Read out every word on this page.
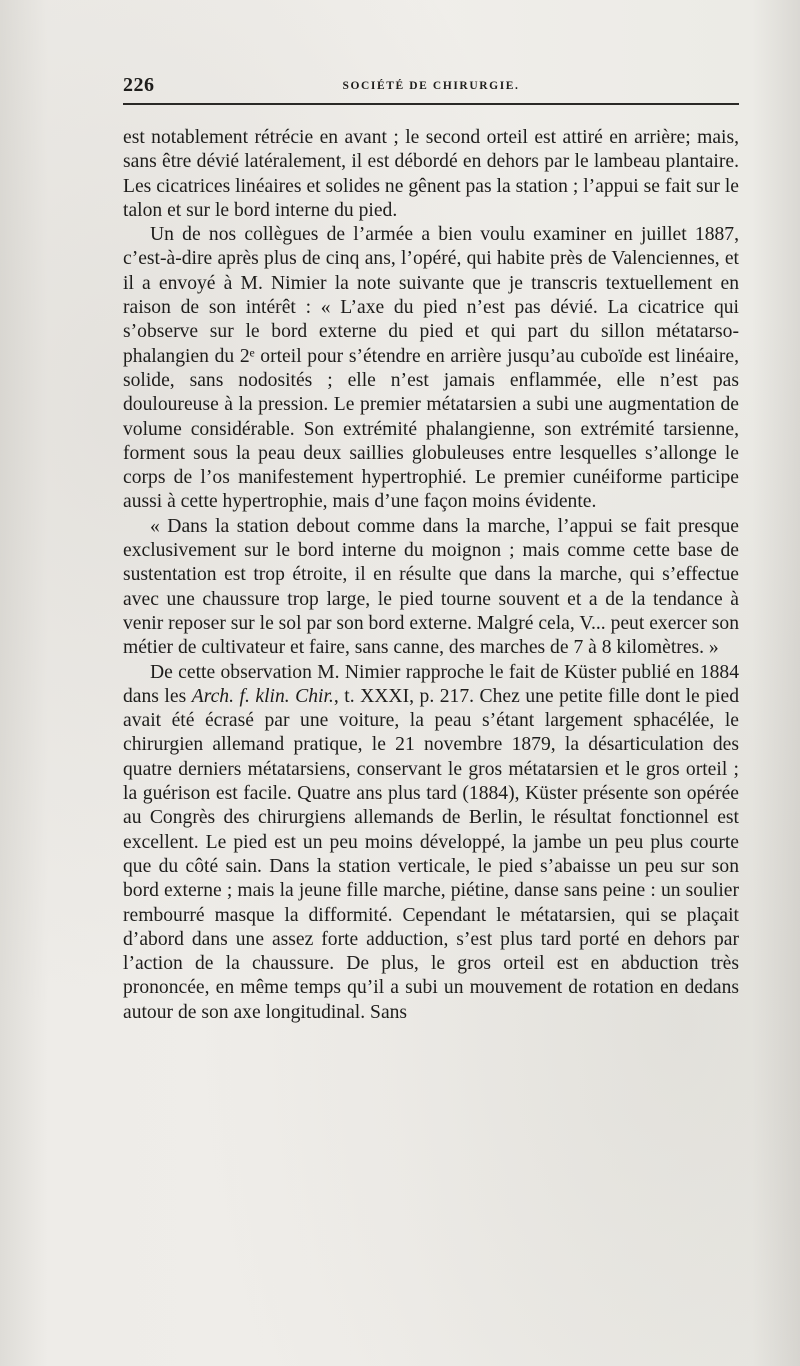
226	SOCIÉTÉ DE CHIRURGIE.

est notablement rétrécie en avant ; le second orteil est attiré en arrière; mais, sans être dévié latéralement, il est débordé en dehors par le lambeau plantaire. Les cicatrices linéaires et solides ne gênent pas la station ; l’appui se fait sur le talon et sur le bord interne du pied.

Un de nos collègues de l’armée a bien voulu examiner en juillet 1887, c’est-à-dire après plus de cinq ans, l’opéré, qui habite près de Valenciennes, et il a envoyé à M. Nimier la note suivante que je transcris textuellement en raison de son intérêt : « L’axe du pied n’est pas dévié. La cicatrice qui s’observe sur le bord externe du pied et qui part du sillon métatarso-phalangien du 2ᵉ orteil pour s’étendre en arrière jusqu’au cuboïde est linéaire, solide, sans nodosités ; elle n’est jamais enflammée, elle n’est pas douloureuse à la pression. Le premier métatarsien a subi une augmentation de volume considérable. Son extrémité phalangienne, son extrémité tarsienne, forment sous la peau deux saillies globuleuses entre lesquelles s’allonge le corps de l’os manifestement hypertrophié. Le premier cunéiforme participe aussi à cette hypertrophie, mais d’une façon moins évidente.

« Dans la station debout comme dans la marche, l’appui se fait presque exclusivement sur le bord interne du moignon ; mais comme cette base de sustentation est trop étroite, il en résulte que dans la marche, qui s’effectue avec une chaussure trop large, le pied tourne souvent et a de la tendance à venir reposer sur le sol par son bord externe. Malgré cela, V... peut exercer son métier de cultivateur et faire, sans canne, des marches de 7 à 8 kilomètres. »

De cette observation M. Nimier rapproche le fait de Küster publié en 1884 dans les Arch. f. klin. Chir., t. XXXI, p. 217. Chez une petite fille dont le pied avait été écrasé par une voiture, la peau s’étant largement sphacélée, le chirurgien allemand pratique, le 21 novembre 1879, la désarticulation des quatre derniers métatarsiens, conservant le gros métatarsien et le gros orteil ; la guérison est facile. Quatre ans plus tard (1884), Küster présente son opérée au Congrès des chirurgiens allemands de Berlin, le résultat fonctionnel est excellent. Le pied est un peu moins développé, la jambe un peu plus courte que du côté sain. Dans la station verticale, le pied s’abaisse un peu sur son bord externe ; mais la jeune fille marche, piétine, danse sans peine : un soulier rembourré masque la difformité. Cependant le métatarsien, qui se plaçait d’abord dans une assez forte adduction, s’est plus tard porté en dehors par l’action de la chaussure. De plus, le gros orteil est en abduction très prononcée, en même temps qu’il a subi un mouvement de rotation en dedans autour de son axe longitudinal. Sans
